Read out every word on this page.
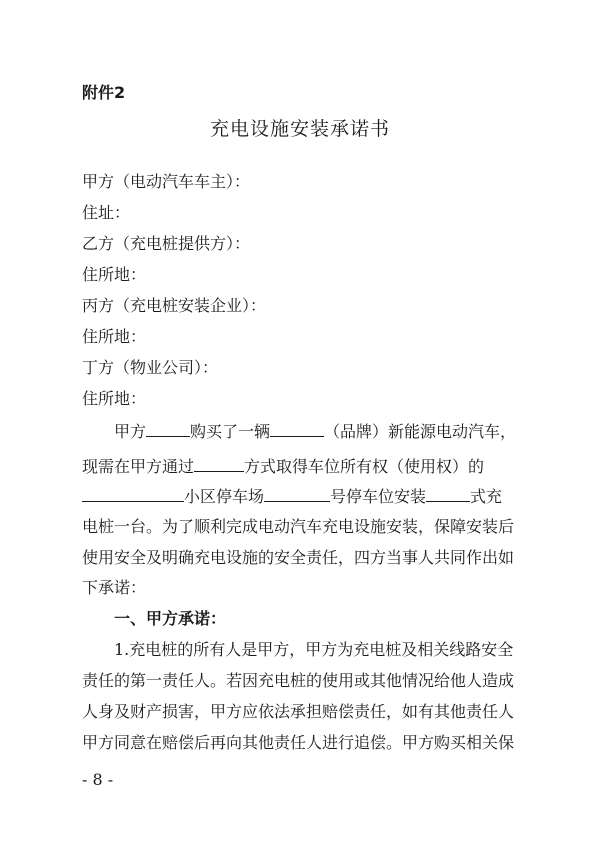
附件2
充电设施安装承诺书
甲方（电动汽车车主）：
住址：
乙方（充电桩提供方）：
住所地：
丙方（充电桩安装企业）：
住所地：
丁方（物业公司）：
住所地：
甲方	购买了一辆	（品牌）新能源电动汽车，
现需在甲方通过	方式取得车位所有权（使用权）的
小区停车场	号停车位安装	式充
电桩一台。为了顺利完成电动汽车充电设施安装，保障安装后
使用安全及明确充电设施的安全责任，四方当事人共同作出如
下承诺：
一、甲方承诺：
1.充电桩的所有人是甲方，甲方为充电桩及相关线路安全
责任的第一责任人。若因充电桩的使用或其他情况给他人造成
人身及财产损害，甲方应依法承担赔偿责任，如有其他责任人
甲方同意在赔偿后再向其他责任人进行追偿。甲方购买相关保
- 8 -
